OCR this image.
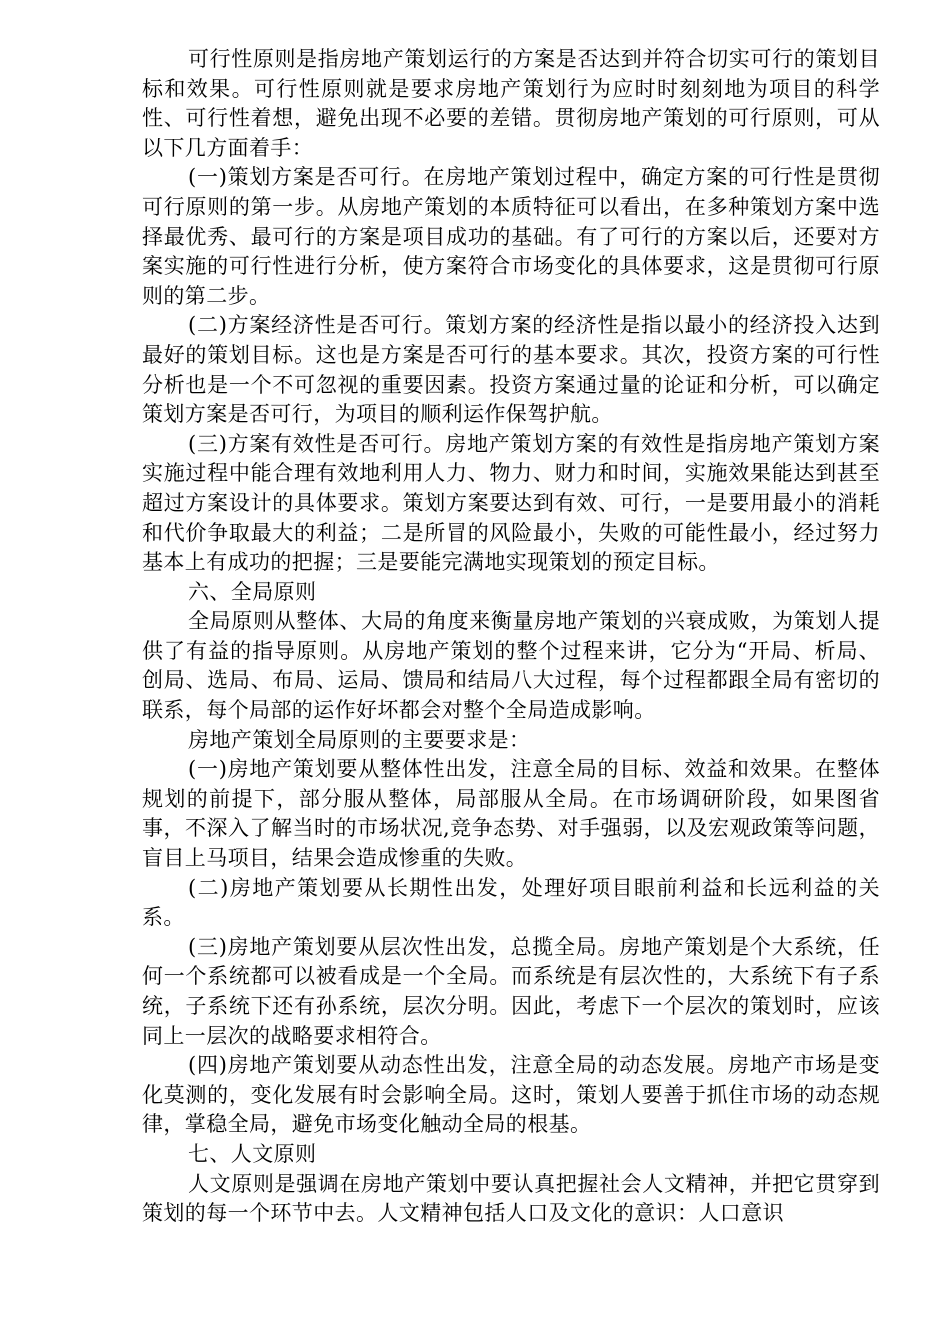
可行性原则是指房地产策划运行的方案是否达到并符合切实可行的策划目标和效果。可行性原则就是要求房地产策划行为应时时刻刻地为项目的科学性、可行性着想，避免出现不必要的差错。贯彻房地产策划的可行原则，可从以下几方面着手：

(一)策划方案是否可行。在房地产策划过程中，确定方案的可行性是贯彻可行原则的第一步。从房地产策划的本质特征可以看出，在多种策划方案中选择最优秀、最可行的方案是项目成功的基础。有了可行的方案以后，还要对方案实施的可行性进行分析，使方案符合市场变化的具体要求，这是贯彻可行原则的第二步。

(二)方案经济性是否可行。策划方案的经济性是指以最小的经济投入达到最好的策划目标。这也是方案是否可行的基本要求。其次，投资方案的可行性分析也是一个不可忽视的重要因素。投资方案通过量的论证和分析，可以确定策划方案是否可行，为项目的顺利运作保驾护航。

(三)方案有效性是否可行。房地产策划方案的有效性是指房地产策划方案实施过程中能合理有效地利用人力、物力、财力和时间，实施效果能达到甚至超过方案设计的具体要求。策划方案要达到有效、可行，一是要用最小的消耗和代价争取最大的利益；二是所冒的风险最小，失败的可能性最小，经过努力基本上有成功的把握；三是要能完满地实现策划的预定目标。

六、全局原则

全局原则从整体、大局的角度来衡量房地产策划的兴衰成败，为策划人提供了有益的指导原则。从房地产策划的整个过程来讲，它分为“开局、析局、创局、选局、布局、运局、馈局和结局八大过程，每个过程都跟全局有密切的联系，每个局部的运作好坏都会对整个全局造成影响。

房地产策划全局原则的主要要求是：

(一)房地产策划要从整体性出发，注意全局的目标、效益和效果。在整体规划的前提下，部分服从整体，局部服从全局。在市场调研阶段，如果图省事，不深入了解当时的市场状况,竞争态势、对手强弱，以及宏观政策等问题，盲目上马项目，结果会造成惨重的失败。

(二)房地产策划要从长期性出发，处理好项目眼前利益和长远利益的关系。

(三)房地产策划要从层次性出发，总揽全局。房地产策划是个大系统，任何一个系统都可以被看成是一个全局。而系统是有层次性的，大系统下有子系统，子系统下还有孙系统，层次分明。因此，考虑下一个层次的策划时，应该同上一层次的战略要求相符合。

(四)房地产策划要从动态性出发，注意全局的动态发展。房地产市场是变化莫测的，变化发展有时会影响全局。这时，策划人要善于抓住市场的动态规律，掌稳全局，避免市场变化触动全局的根基。

七、人文原则

人文原则是强调在房地产策划中要认真把握社会人文精神，并把它贯穿到策划的每一个环节中去。人文精神包括人口及文化的意识：人口意识
